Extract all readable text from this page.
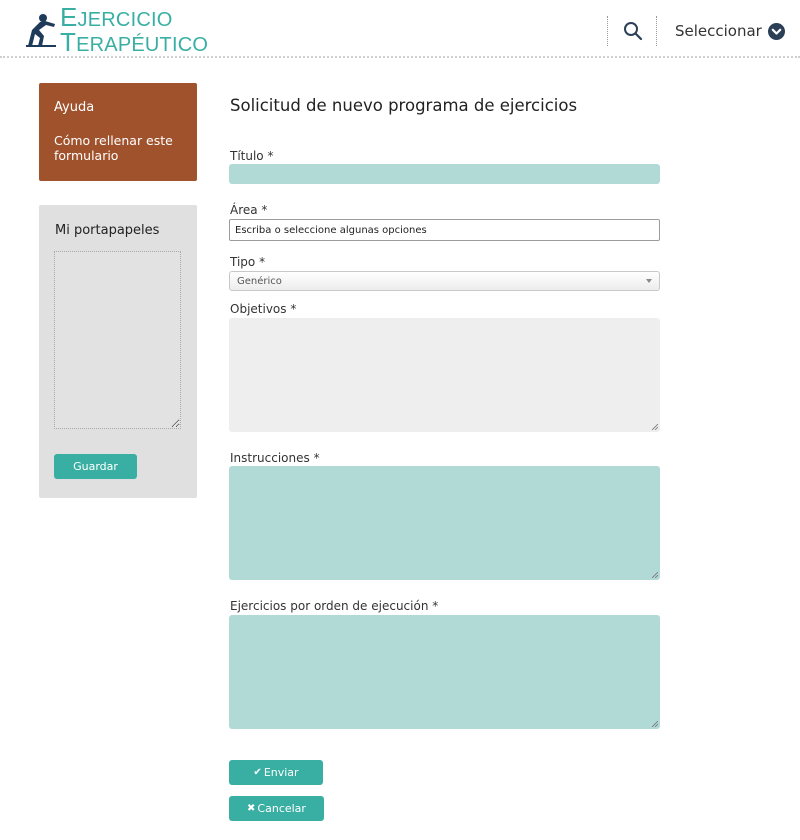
EJERCICIO
TERAPÉUTICO
Seleccionar
Ayuda
Cómo rellenar este formulario
Mi portapapeles
Guardar
Solicitud de nuevo programa de ejercicios
Título *
Área *
Escriba o seleccione algunas opciones
Tipo *
Genérico
Objetivos *
Instrucciones *
Ejercicios por orden de ejecución *
✔ Enviar
✖ Cancelar
